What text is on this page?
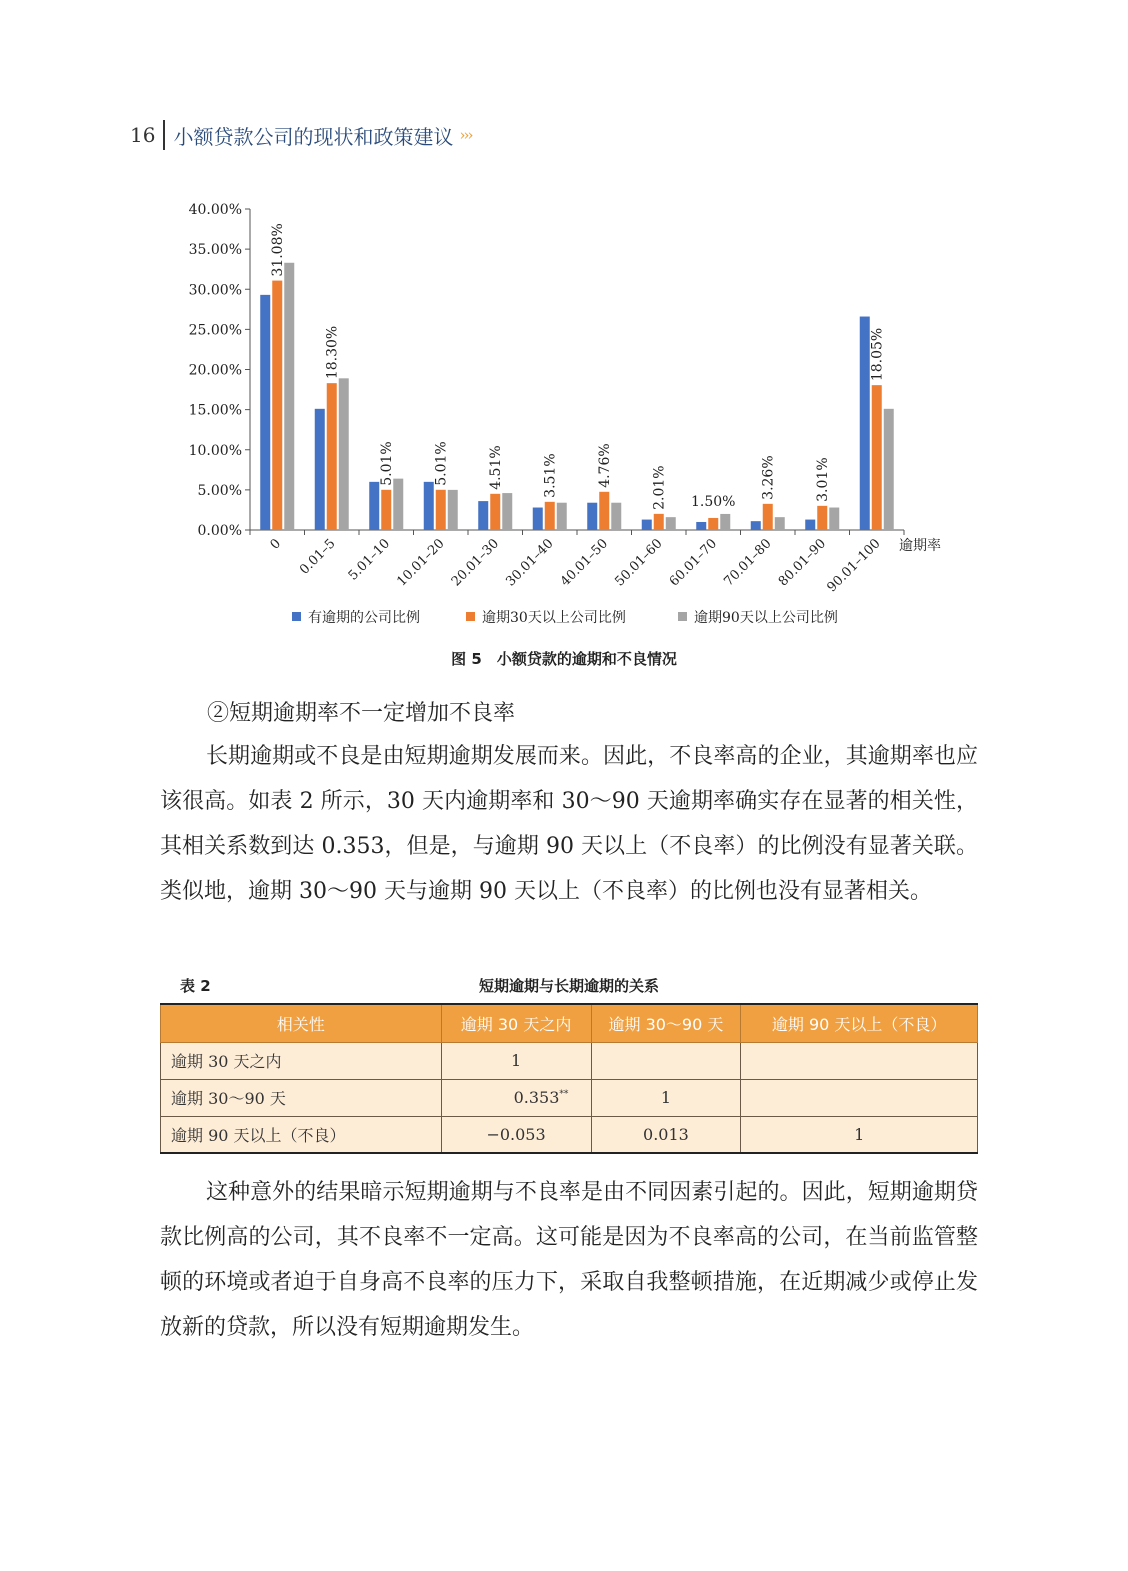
16 小额贷款公司的现状和政策建议 ›››
0.00%
5.00%
10.00%
15.00%
20.00%
25.00%
30.00%
35.00%
40.00%
31.08%
0
18.30%
0.01–5
5.01%
5.01–10
5.01%
10.01–20
4.51%
20.01–30
3.51%
30.01–40
4.76%
40.01–50
2.01%
50.01–60
1.50%
60.01–70
3.26%
70.01–80
3.01%
80.01–90
18.05%
90.01–100 逾期率
有逾期的公司比例	逾期30天以上公司比例	逾期90天以上公司比例
图 5　小额贷款的逾期和不良情况
②短期逾期率不一定增加不良率

长期逾期或不良是由短期逾期发展而来。因此，不良率高的企业，其逾期率也应该很高。如表 2 所示，30 天内逾期率和 30～90 天逾期率确实存在显著的相关性，其相关系数到达 0.353，但是，与逾期 90 天以上（不良率）的比例没有显著关联。类似地，逾期 30～90 天与逾期 90 天以上（不良率）的比例也没有显著相关。

表 2	短期逾期与长期逾期的关系
相关性	逾期 30 天之内	逾期 30～90 天	逾期 90 天以上（不良）
逾期 30 天之内	1		
逾期 30～90 天	0.353**	1	
逾期 90 天以上（不良）	−0.053	0.013	1

这种意外的结果暗示短期逾期与不良率是由不同因素引起的。因此，短期逾期贷款比例高的公司，其不良率不一定高。这可能是因为不良率高的公司，在当前监管整顿的环境或者迫于自身高不良率的压力下，采取自我整顿措施，在近期减少或停止发放新的贷款，所以没有短期逾期发生。
